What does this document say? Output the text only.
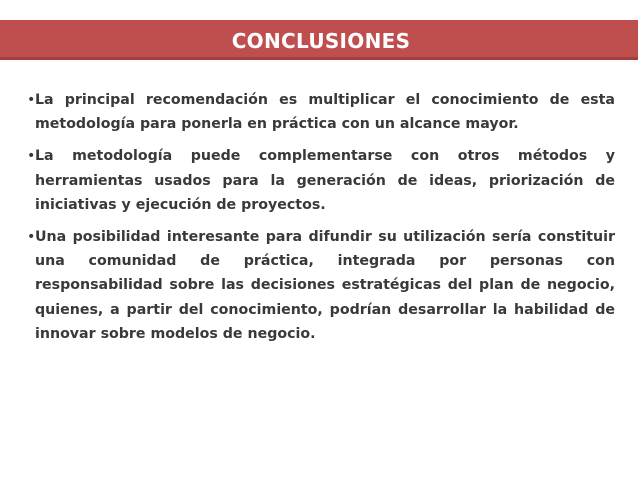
CONCLUSIONES
• La principal recomendación es multiplicar el conocimiento de esta metodología para ponerla en práctica con un alcance mayor.
• La metodología puede complementarse con otros métodos y herramientas usados para la generación de ideas, priorización de iniciativas y ejecución de proyectos.
• Una posibilidad interesante para difundir su utilización sería constituir una comunidad de práctica, integrada por personas con responsabilidad sobre las decisiones estratégicas del plan de negocio, quienes, a partir del conocimiento, podrían desarrollar la habilidad de innovar sobre modelos de negocio.
